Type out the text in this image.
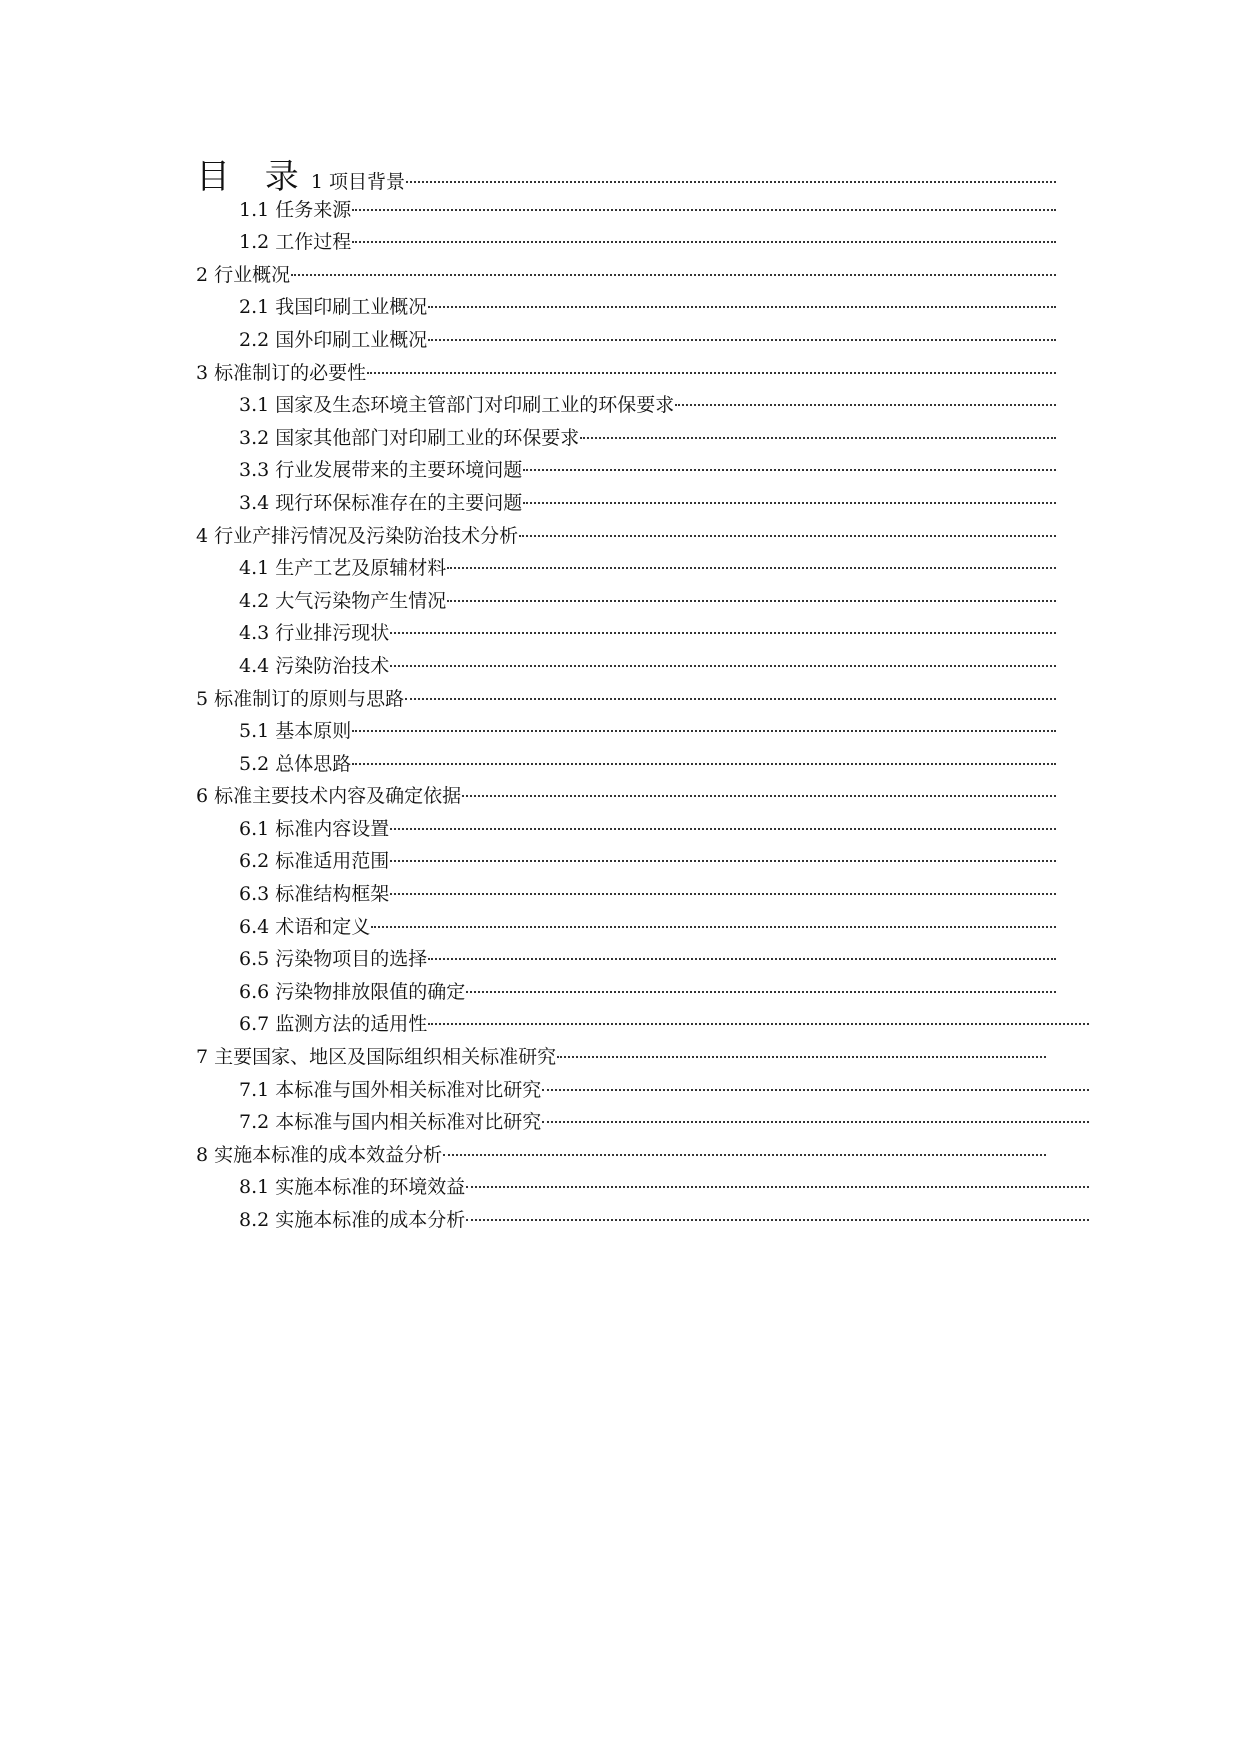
目 录 1 项目背景
1.1 任务来源
1.2 工作过程
2 行业概况
2.1 我国印刷工业概况
2.2 国外印刷工业概况
3 标准制订的必要性
3.1 国家及生态环境主管部门对印刷工业的环保要求
3.2 国家其他部门对印刷工业的环保要求
3.3 行业发展带来的主要环境问题
3.4 现行环保标准存在的主要问题
4 行业产排污情况及污染防治技术分析
4.1 生产工艺及原辅材料
4.2 大气污染物产生情况
4.3 行业排污现状
4.4 污染防治技术
5 标准制订的原则与思路
5.1 基本原则
5.2 总体思路
6 标准主要技术内容及确定依据
6.1 标准内容设置
6.2 标准适用范围
6.3 标准结构框架
6.4 术语和定义
6.5 污染物项目的选择
6.6 污染物排放限值的确定
6.7 监测方法的适用性
7 主要国家、地区及国际组织相关标准研究
7.1 本标准与国外相关标准对比研究
7.2 本标准与国内相关标准对比研究
8 实施本标准的成本效益分析
8.1 实施本标准的环境效益
8.2 实施本标准的成本分析
